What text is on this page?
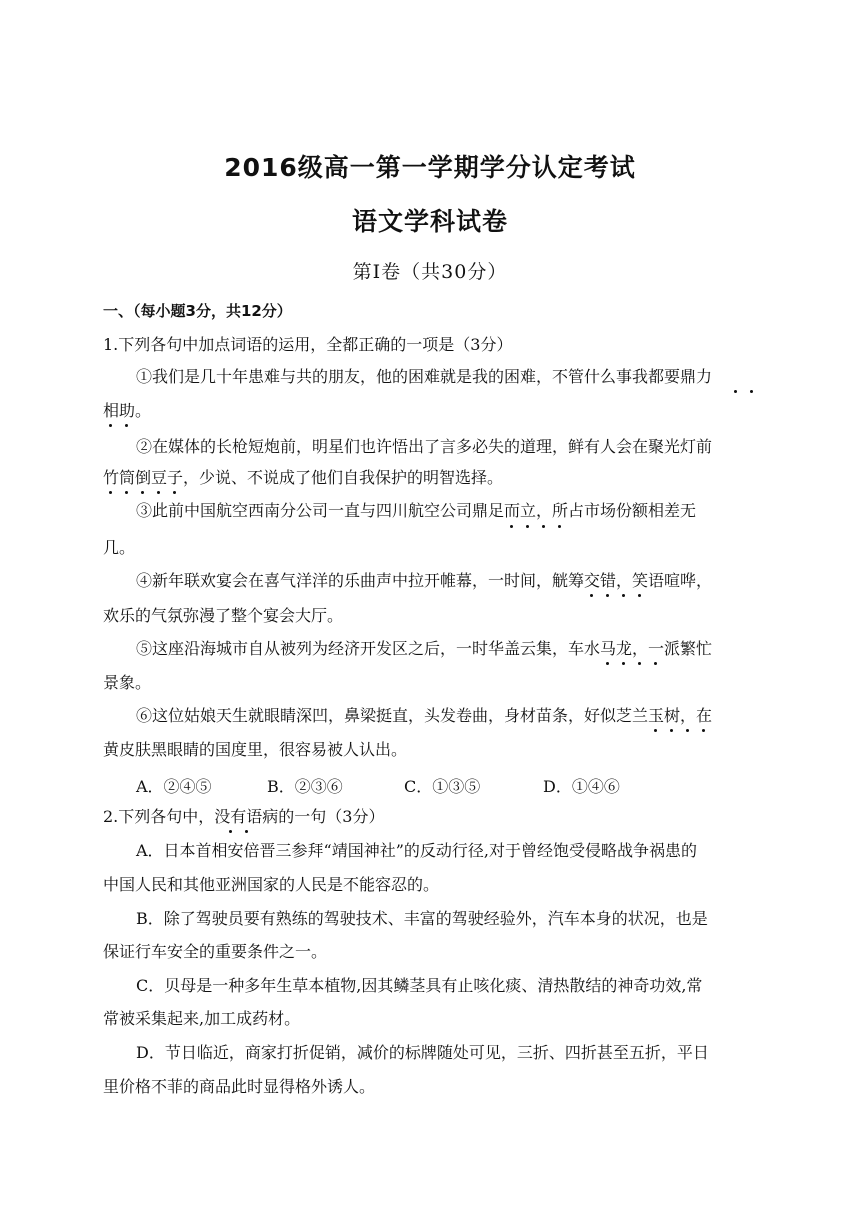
2016级高一第一学期学分认定考试
语文学科试卷
第Ⅰ卷（共30分）
一、（每小题3分，共12分）
1.下列各句中加点词语的运用，全都正确的一项是（3分）
①我们是几十年患难与共的朋友，他的困难就是我的困难，不管什么事我都要鼎力
相助。
②在媒体的长枪短炮前，明星们也许悟出了言多必失的道理，鲜有人会在聚光灯前
竹筒倒豆子，少说、不说成了他们自我保护的明智选择。
③此前中国航空西南分公司一直与四川航空公司鼎足而立，所占市场份额相差无
几。
④新年联欢宴会在喜气洋洋的乐曲声中拉开帷幕，一时间，觥筹交错，笑语喧哗，
欢乐的气氛弥漫了整个宴会大厅。
⑤这座沿海城市自从被列为经济开发区之后，一时华盖云集，车水马龙，一派繁忙
景象。
⑥这位姑娘天生就眼睛深凹，鼻梁挺直，头发卷曲，身材苗条，好似芝兰玉树，在
黄皮肤黑眼睛的国度里，很容易被人认出。
A．②④⑤	B．②③⑥	C．①③⑤	D．①④⑥
2.下列各句中，没有语病的一句（3分）
A．日本首相安倍晋三参拜“靖国神社”的反动行径,对于曾经饱受侵略战争祸患的
中国人民和其他亚洲国家的人民是不能容忍的。
B．除了驾驶员要有熟练的驾驶技术、丰富的驾驶经验外，汽车本身的状况，也是
保证行车安全的重要条件之一。
C．贝母是一种多年生草本植物,因其鳞茎具有止咳化痰、清热散结的神奇功效,常
常被采集起来,加工成药材。
D．节日临近，商家打折促销，减价的标牌随处可见，三折、四折甚至五折，平日
里价格不菲的商品此时显得格外诱人。
